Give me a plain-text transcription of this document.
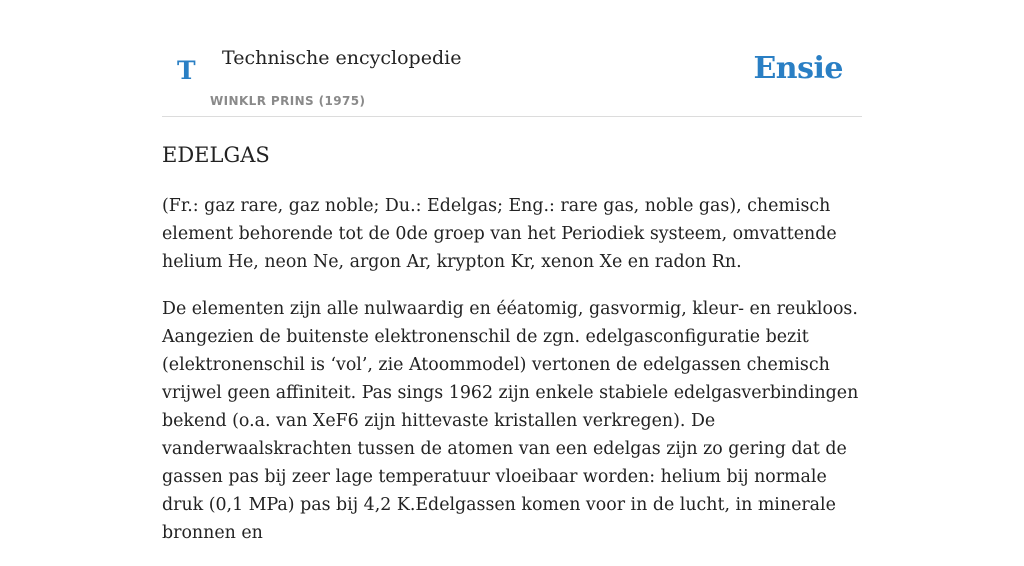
T Technische encyclopedie
WINKLR PRINS (1975)
Ensie
EDELGAS

(Fr.: gaz rare, gaz noble; Du.: Edelgas; Eng.: rare gas, noble gas), chemisch element behorende tot de 0de groep van het Periodiek systeem, omvattende helium He, neon Ne, argon Ar, krypton Kr, xenon Xe en radon Rn.

De elementen zijn alle nulwaardig en ééatomig, gasvormig, kleur- en reukloos. Aangezien de buitenste elektronenschil de zgn. edelgasconfiguratie bezit (elektronenschil is ‘vol’, zie Atoommodel) vertonen de edelgassen chemisch vrijwel geen affiniteit. Pas sings 1962 zijn enkele stabiele edelgasverbindingen bekend (o.a. van XeF6 zijn hittevaste kristallen verkregen). De vanderwaalskrachten tussen de atomen van een edelgas zijn zo gering dat de gassen pas bij zeer lage temperatuur vloeibaar worden: helium bij normale druk (0,1 MPa) pas bij 4,2 K.Edelgassen komen voor in de lucht, in minerale bronnen en
